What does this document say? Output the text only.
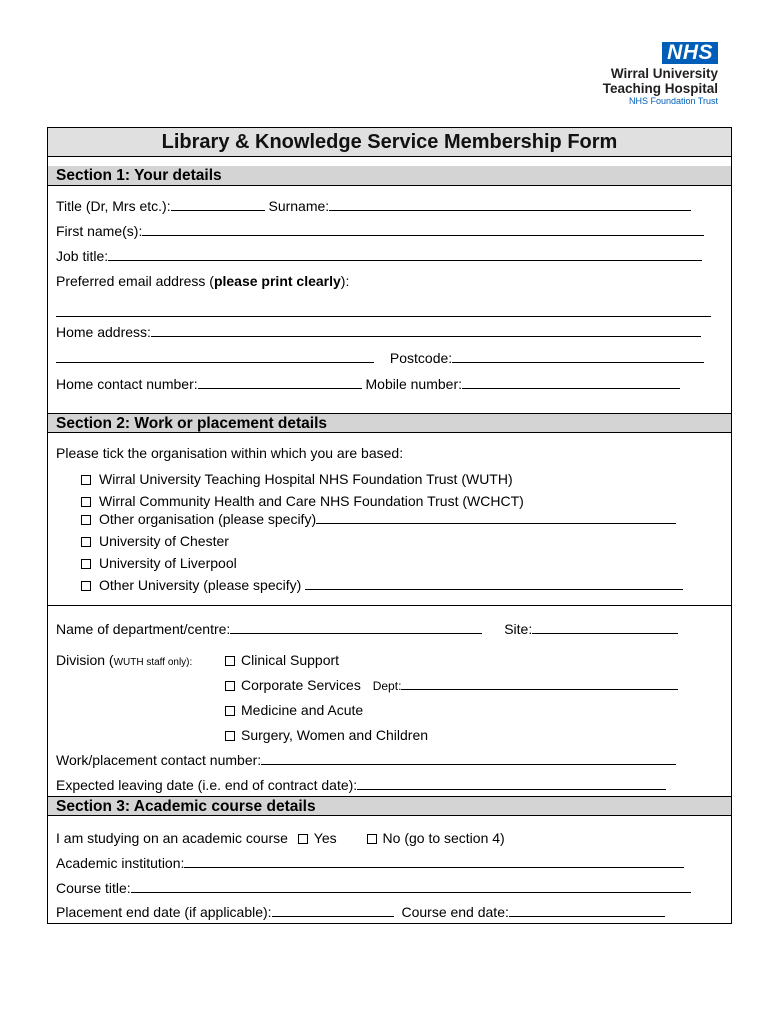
NHS
Wirral University
Teaching Hospital
NHS Foundation Trust
Library & Knowledge Service Membership Form
Section 1: Your details
Title (Dr, Mrs etc.):	Surname:
First name(s):
Job title:
Preferred email address (please print clearly):
Home address:
Postcode:
Home contact number:	Mobile number:
Section 2: Work or placement details
Please tick the organisation within which you are based:
Wirral University Teaching Hospital NHS Foundation Trust (WUTH)
Wirral Community Health and Care NHS Foundation Trust (WCHCT)
Other organisation (please specify)
University of Chester
University of Liverpool
Other University (please specify)
Name of department/centre:	Site:
Division (WUTH staff only):	Clinical Support
Corporate Services Dept:
Medicine and Acute
Surgery, Women and Children
Work/placement contact number:
Expected leaving date (i.e. end of contract date):
Section 3: Academic course details
I am studying on an academic course Yes	No (go to section 4)
Academic institution:
Course title:
Placement end date (if applicable):	Course end date:
